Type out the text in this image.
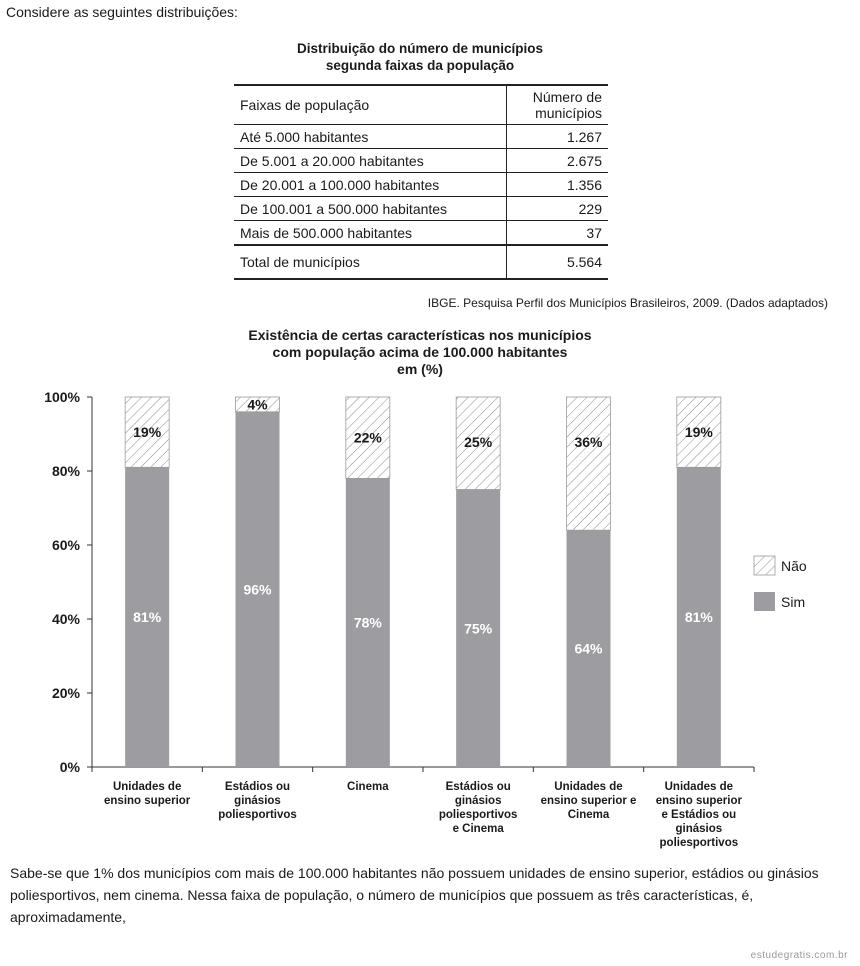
Considere as seguintes distribuições:
Distribuição do número de municípios
segunda faixas da população
Faixas de população	Número de
municípios

Até 5.000 habitantes	1.267
De 5.001 a 20.000 habitantes	2.675
De 20.001 a 100.000 habitantes	1.356
De 100.001 a 500.000 habitantes	229
Mais de 500.000 habitantes	37
Total de municípios	5.564
IBGE. Pesquisa Perfil dos Municípios Brasileiros, 2009. (Dados adaptados)
Existência de certas características nos municípios
com população acima de 100.000 habitantes
em (%)
0%
20%
40%
60%
80%
100%
81%
19%
Unidades de
ensino superior
96%
4%
Estádios ou
ginásios
poliesportivos
78%
22%
Cinema
75%
25%
Estádios ou
ginásios
poliesportivos
e Cinema
64%
36%
Unidades de
ensino superior e
Cinema
81%
19%
Unidades de
ensino superior
e Estádios ou
ginásios
poliesportivos
Não
Sim
Sabe-se que 1% dos municípios com mais de 100.000 habitantes não possuem unidades de ensino superior, estádios ou ginásios poliesportivos, nem cinema. Nessa faixa de população, o número de municípios que possuem as três características, é, aproximadamente,
estudegratis.com.br
